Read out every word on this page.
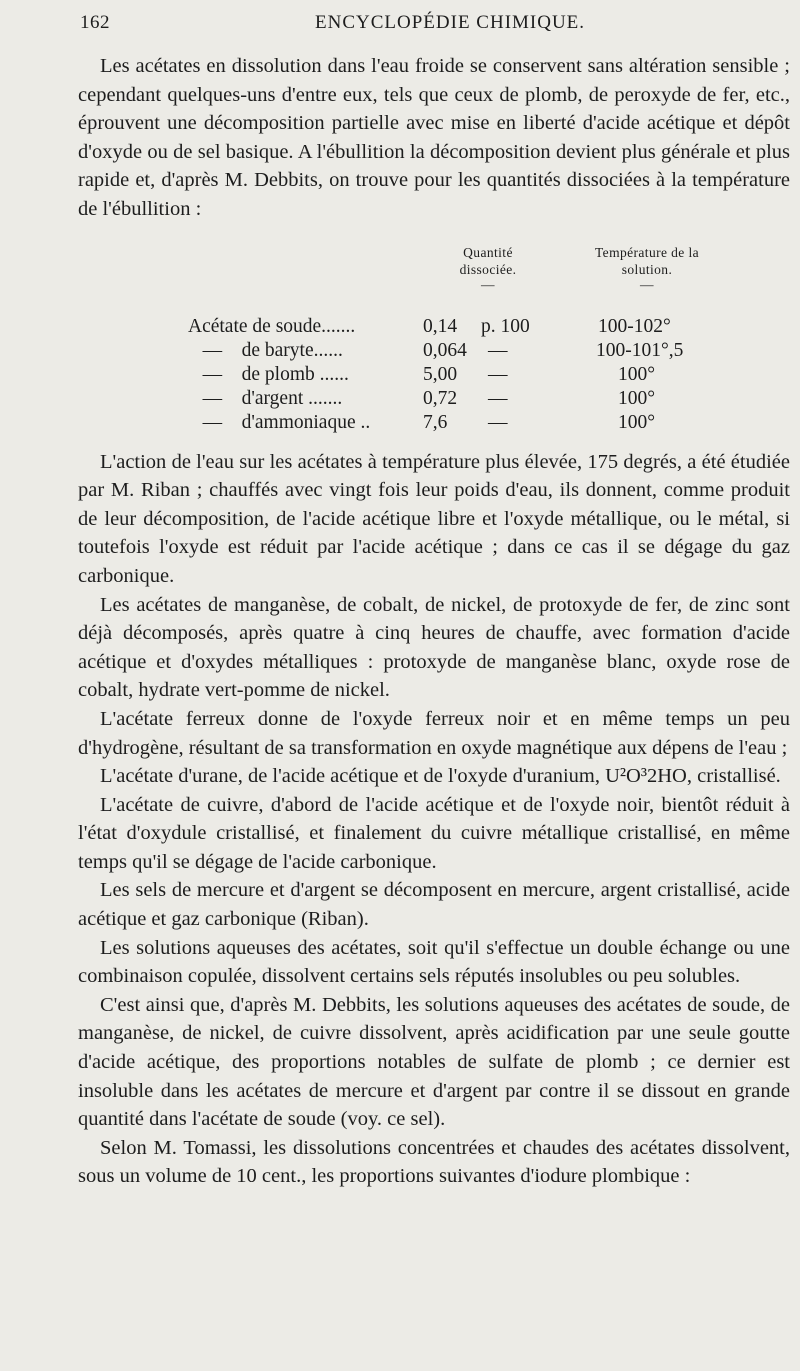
162	ENCYCLOPÉDIE CHIMIQUE.

Les acétates en dissolution dans l'eau froide se conservent sans altération sensible ; cependant quelques-uns d'entre eux, tels que ceux de plomb, de peroxyde de fer, etc., éprouvent une décomposition partielle avec mise en liberté d'acide acétique et dépôt d'oxyde ou de sel basique. A l'ébullition la décomposition devient plus générale et plus rapide et, d'après M. Debbits, on trouve pour les quantités dissociées à la température de l'ébullition :

Quantité dissociée.
—
Température de la solution.
—
Acétate de soude.......	0,14 p. 100	100-102°
—    de baryte......	0,064 —	100-101°,5
—    de plomb ......	5,00 —	100°
—    d'argent .......	0,72 —	100°
—    d'ammoniaque ..	7,6 —	100°

L'action de l'eau sur les acétates à température plus élevée, 175 degrés, a été étudiée par M. Riban ; chauffés avec vingt fois leur poids d'eau, ils donnent, comme produit de leur décomposition, de l'acide acétique libre et l'oxyde métallique, ou le métal, si toutefois l'oxyde est réduit par l'acide acétique ; dans ce cas il se dégage du gaz carbonique.

Les acétates de manganèse, de cobalt, de nickel, de protoxyde de fer, de zinc sont déjà décomposés, après quatre à cinq heures de chauffe, avec formation d'acide acétique et d'oxydes métalliques : protoxyde de manganèse blanc, oxyde rose de cobalt, hydrate vert-pomme de nickel.

L'acétate ferreux donne de l'oxyde ferreux noir et en même temps un peu d'hydrogène, résultant de sa transformation en oxyde magnétique aux dépens de l'eau ;

L'acétate d'urane, de l'acide acétique et de l'oxyde d'uranium, U²O³2HO, cristallisé.

L'acétate de cuivre, d'abord de l'acide acétique et de l'oxyde noir, bientôt réduit à l'état d'oxydule cristallisé, et finalement du cuivre métallique cristallisé, en même temps qu'il se dégage de l'acide carbonique.

Les sels de mercure et d'argent se décomposent en mercure, argent cristallisé, acide acétique et gaz carbonique (Riban).

Les solutions aqueuses des acétates, soit qu'il s'effectue un double échange ou une combinaison copulée, dissolvent certains sels réputés insolubles ou peu solubles.

C'est ainsi que, d'après M. Debbits, les solutions aqueuses des acétates de soude, de manganèse, de nickel, de cuivre dissolvent, après acidification par une seule goutte d'acide acétique, des proportions notables de sulfate de plomb ; ce dernier est insoluble dans les acétates de mercure et d'argent par contre il se dissout en grande quantité dans l'acétate de soude (voy. ce sel).

Selon M. Tomassi, les dissolutions concentrées et chaudes des acétates dissolvent, sous un volume de 10 cent., les proportions suivantes d'iodure plombique :
